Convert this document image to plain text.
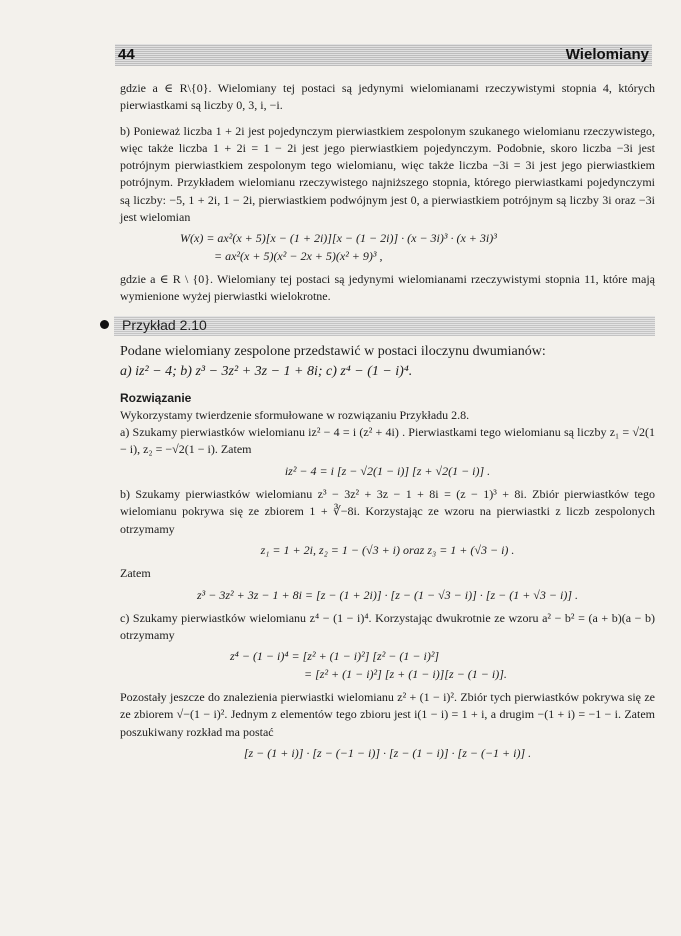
44	Wielomiany

gdzie a ∈ R\{0}. Wielomiany tej postaci są jedynymi wielomianami rzeczywistymi stopnia 4, których pierwiastkami są liczby 0, 3, i, −i.

b) Ponieważ liczba 1 + 2i jest pojedynczym pierwiastkiem zespolonym szukanego wielomianu rzeczywistego, więc także liczba 1 + 2i = 1 − 2i jest jego pierwiastkiem pojedynczym. Podobnie, skoro liczba −3i jest potrójnym pierwiastkiem zespolonym tego wielomianu, więc także liczba −3i = 3i jest jego pierwiastkiem potrójnym. Przykładem wielomianu rzeczywistego najniższego stopnia, którego pierwiastkami pojedynczymi są liczby: −5, 1 + 2i, 1 − 2i, pierwiastkiem podwójnym jest 0, a pierwiastkiem potrójnym są liczby 3i oraz −3i jest wielomian

W(x) = ax²(x + 5)[x − (1 + 2i)][x − (1 − 2i)] · (x − 3i)³ · (x + 3i)³
= ax²(x + 5)(x² − 2x + 5)(x² + 9)³ ,

gdzie a ∈ R \ {0}. Wielomiany tej postaci są jedynymi wielomianami rzeczywistymi stopnia 11, które mają wymienione wyżej pierwiastki wielokrotne.

Przykład 2.10

Podane wielomiany zespolone przedstawić w postaci iloczynu dwumianów:

a) iz² − 4; b) z³ − 3z² + 3z − 1 + 8i; c) z⁴ − (1 − i)⁴.

Rozwiązanie

Wykorzystamy twierdzenie sformułowane w rozwiązaniu Przykładu 2.8.

a) Szukamy pierwiastków wielomianu iz² − 4 = i (z² + 4i) . Pierwiastkami tego wielomianu są liczby z₁ = √2(1 − i), z₂ = −√2(1 − i). Zatem

iz² − 4 = i [z − √2(1 − i)] [z + √2(1 − i)] .

b) Szukamy pierwiastków wielomianu z³ − 3z² + 3z − 1 + 8i = (z − 1)³ + 8i. Zbiór pierwiastków tego wielomianu pokrywa się ze zbiorem 1 + ∛−8i. Korzystając ze wzoru na pierwiastki z liczb zespolonych otrzymamy

z₁ = 1 + 2i, z₂ = 1 − (√3 + i) oraz z₃ = 1 + (√3 − i) .

Zatem

z³ − 3z² + 3z − 1 + 8i = [z − (1 + 2i)] · [z − (1 − √3 − i)] · [z − (1 + √3 − i)] .

c) Szukamy pierwiastków wielomianu z⁴ − (1 − i)⁴. Korzystając dwukrotnie ze wzoru a² − b² = (a + b)(a − b) otrzymamy

z⁴ − (1 − i)⁴ = [z² + (1 − i)²] [z² − (1 − i)²]
= [z² + (1 − i)²] [z + (1 − i)][z − (1 − i)].

Pozostały jeszcze do znalezienia pierwiastki wielomianu z² + (1 − i)². Zbiór tych pierwiastków pokrywa się ze ze zbiorem √−(1 − i)². Jednym z elementów tego zbioru jest i(1 − i) = 1 + i, a drugim −(1 + i) = −1 − i. Zatem poszukiwany rozkład ma postać

[z − (1 + i)] · [z − (−1 − i)] · [z − (1 − i)] · [z − (−1 + i)] .
